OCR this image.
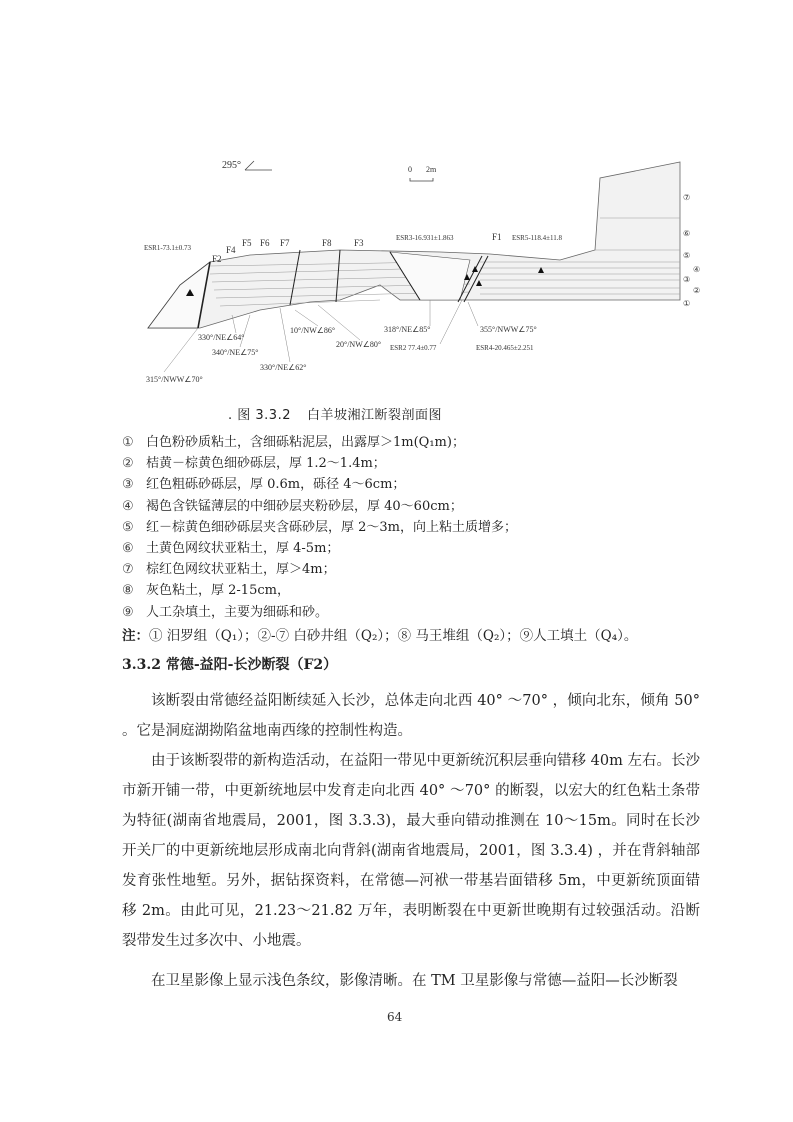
295°	0 2m
F2
F4
F5 F6 F7	F8 F3
F1
ESR1-73.1±0.73
ESR3-16.931±1.863	ESR5-118.4±11.8
ESR2 77.4±0.77	ESR4-20.465±2.251
330°/NE∠64°
340°/NE∠75°
10°/NW∠86°
20°/NW∠80°
330°/NE∠62°
315°/NWW∠70°
318°/NE∠85°	355°/NWW∠75°
⑦
⑥
⑤
④
③
②
①
. 图 3.3.2 白羊坡湘江断裂剖面图
① 白色粉砂质粘土，含细砾粘泥层，出露厚＞1m(Q₁m)；
② 桔黄－棕黄色细砂砾层，厚 1.2～1.4m；
③ 红色粗砾砂砾层，厚 0.6m，砾径 4～6cm；
④ 褐色含铁锰薄层的中细砂层夹粉砂层，厚 40～60cm；
⑤ 红－棕黄色细砂砾层夹含砾砂层，厚 2～3m，向上粘土质增多；
⑥ 土黄色网纹状亚粘土，厚 4-5m；
⑦ 棕红色网纹状亚粘土，厚＞4m；
⑧ 灰色粘土，厚 2-15cm，
⑨ 人工杂填土，主要为细砾和砂。
注：① 汨罗组（Q₁）；②-⑦ 白砂井组（Q₂）；⑧ 马王堆组（Q₂）；⑨人工填土（Q₄）。
3.3.2 常德-益阳-长沙断裂（F2）

该断裂由常德经益阳断续延入长沙，总体走向北西 40° ～70° ，倾向北东，倾角 50° 。它是洞庭湖拗陷盆地南西缘的控制性构造。

由于该断裂带的新构造活动，在益阳一带见中更新统沉积层垂向错移 40m 左右。长沙市新开铺一带，中更新统地层中发育走向北西 40° ～70° 的断裂，以宏大的红色粘土条带为特征(湖南省地震局，2001，图 3.3.3)，最大垂向错动推测在 10～15m。同时在长沙开关厂的中更新统地层形成南北向背斜(湖南省地震局，2001，图 3.3.4) ，并在背斜轴部发育张性地堑。另外，据钻探资料，在常德—河袱一带基岩面错移 5m，中更新统顶面错移 2m。由此可见，21.23～21.82 万年，表明断裂在中更新世晚期有过较强活动。沿断裂带发生过多次中、小地震。

在卫星影像上显示浅色条纹，影像清晰。在 TM 卫星影像与常德—益阳—长沙断裂

64
